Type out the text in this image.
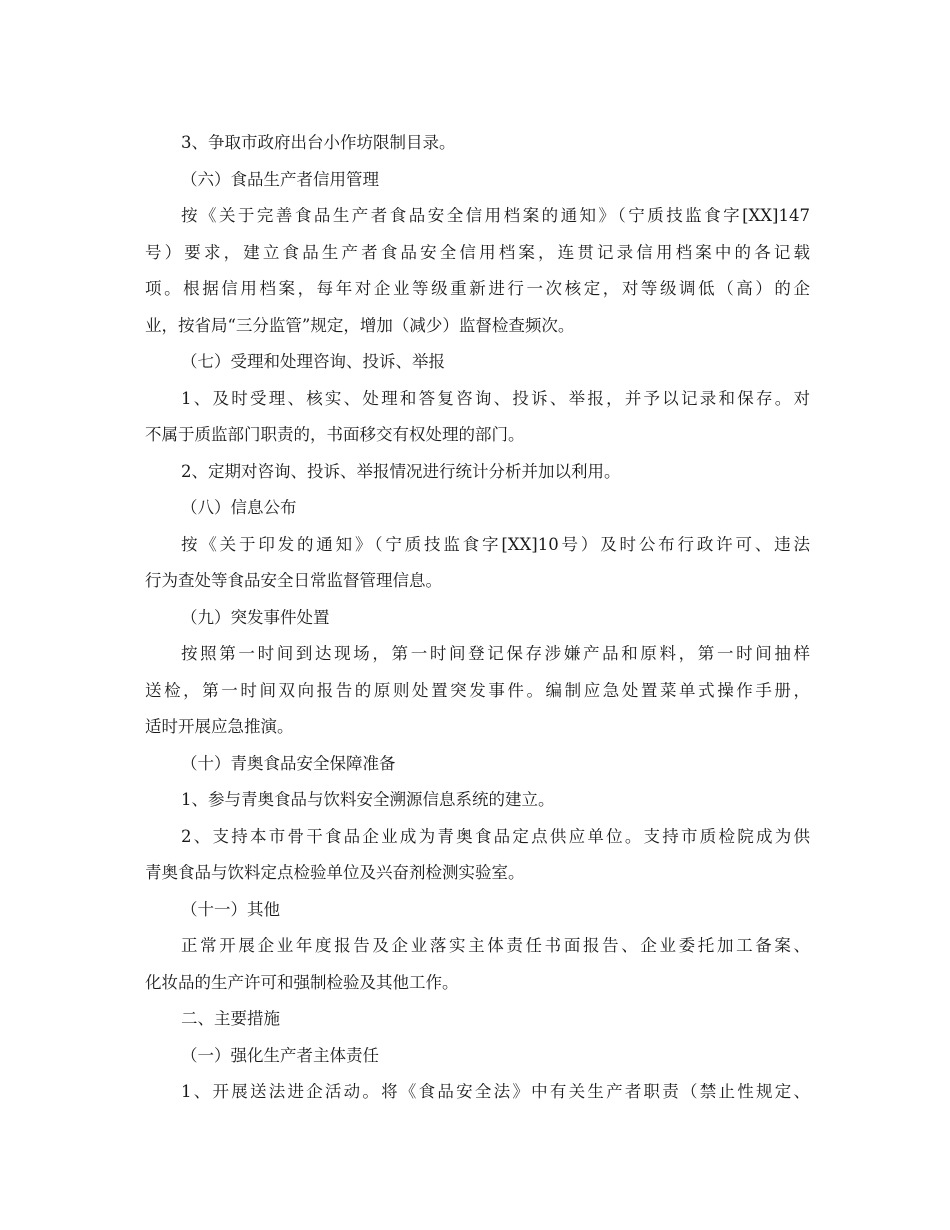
3、争取市政府出台小作坊限制目录。
（六）食品生产者信用管理
按《关于完善食品生产者食品安全信用档案的通知》（宁质技监食字[XX]147
号）要求，建立食品生产者食品安全信用档案，连贯记录信用档案中的各记载
项。根据信用档案，每年对企业等级重新进行一次核定，对等级调低（高）的企
业，按省局“三分监管”规定，增加（减少）监督检查频次。
（七）受理和处理咨询、投诉、举报
1、及时受理、核实、处理和答复咨询、投诉、举报，并予以记录和保存。对
不属于质监部门职责的，书面移交有权处理的部门。
2、定期对咨询、投诉、举报情况进行统计分析并加以利用。
（八）信息公布
按《关于印发的通知》（宁质技监食字[XX]10号）及时公布行政许可、违法
行为查处等食品安全日常监督管理信息。
（九）突发事件处置
按照第一时间到达现场，第一时间登记保存涉嫌产品和原料，第一时间抽样
送检，第一时间双向报告的原则处置突发事件。编制应急处置菜单式操作手册，
适时开展应急推演。
（十）青奥食品安全保障准备
1、参与青奥食品与饮料安全溯源信息系统的建立。
2、支持本市骨干食品企业成为青奥食品定点供应单位。支持市质检院成为供
青奥食品与饮料定点检验单位及兴奋剂检测实验室。
（十一）其他
正常开展企业年度报告及企业落实主体责任书面报告、企业委托加工备案、
化妆品的生产许可和强制检验及其他工作。
二、主要措施
（一）强化生产者主体责任
1、开展送法进企活动。将《食品安全法》中有关生产者职责（禁止性规定、
